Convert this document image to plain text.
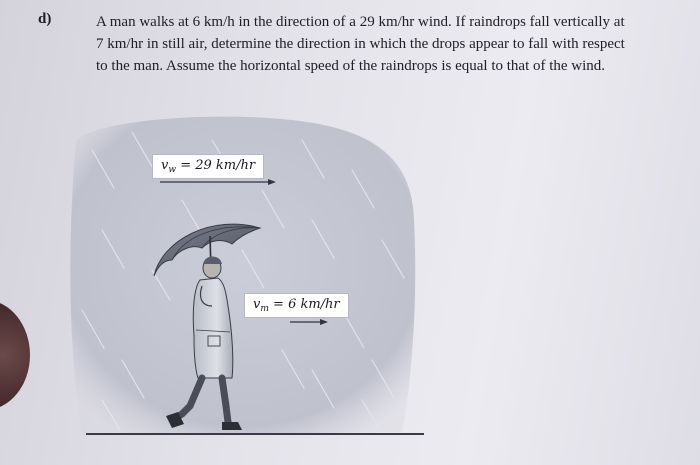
d)	A man walks at 6 km/h in the direction of a 29 km/hr wind. If raindrops fall vertically at
7 km/hr in still air, determine the direction in which the drops appear to fall with respect
to the man. Assume the horizontal speed of the raindrops is equal to that of the wind.
$v_w = 29$ km/hr
$v_m = 6$ km/hr
